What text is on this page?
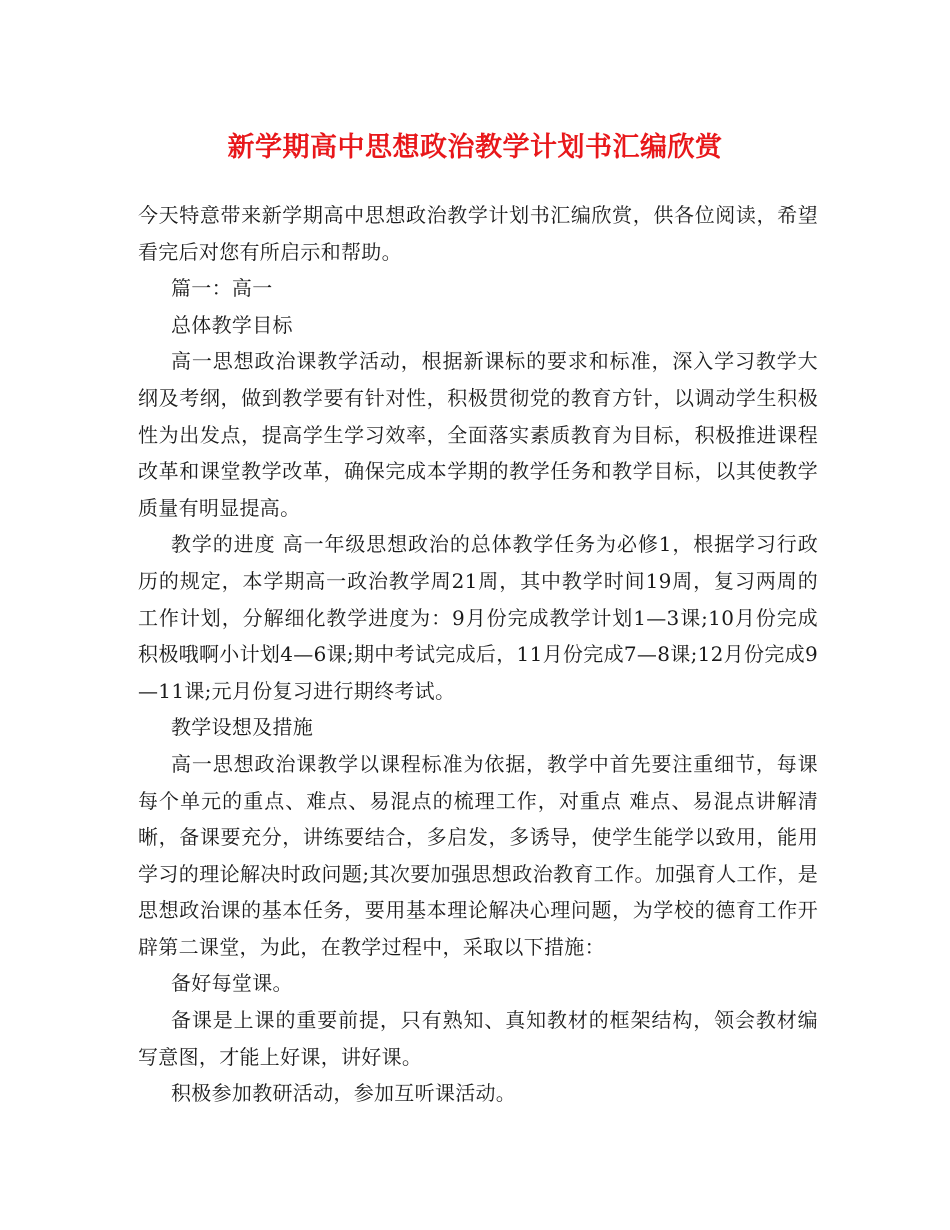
新学期高中思想政治教学计划书汇编欣赏

今天特意带来新学期高中思想政治教学计划书汇编欣赏，供各位阅读，希望看完后对您有所启示和帮助。

篇一：高一

总体教学目标

高一思想政治课教学活动，根据新课标的要求和标准，深入学习教学大纲及考纲，做到教学要有针对性，积极贯彻党的教育方针，以调动学生积极性为出发点，提高学生学习效率，全面落实素质教育为目标，积极推进课程改革和课堂教学改革，确保完成本学期的教学任务和教学目标，以其使教学质量有明显提高。

教学的进度 高一年级思想政治的总体教学任务为必修1，根据学习行政历的规定，本学期高一政治教学周21周，其中教学时间19周，复习两周的工作计划，分解细化教学进度为：9月份完成教学计划1—3课;10月份完成积极哦啊小计划4—6课;期中考试完成后，11月份完成7—8课;12月份完成9—11课;元月份复习进行期终考试。

教学设想及措施

高一思想政治课教学以课程标准为依据，教学中首先要注重细节，每课每个单元的重点、难点、易混点的梳理工作，对重点 难点、易混点讲解清晰，备课要充分，讲练要结合，多启发，多诱导，使学生能学以致用，能用学习的理论解决时政问题;其次要加强思想政治教育工作。加强育人工作，是思想政治课的基本任务，要用基本理论解决心理问题，为学校的德育工作开辟第二课堂，为此，在教学过程中，采取以下措施：

备好每堂课。

备课是上课的重要前提，只有熟知、真知教材的框架结构，领会教材编写意图，才能上好课，讲好课。

积极参加教研活动，参加互听课活动。
